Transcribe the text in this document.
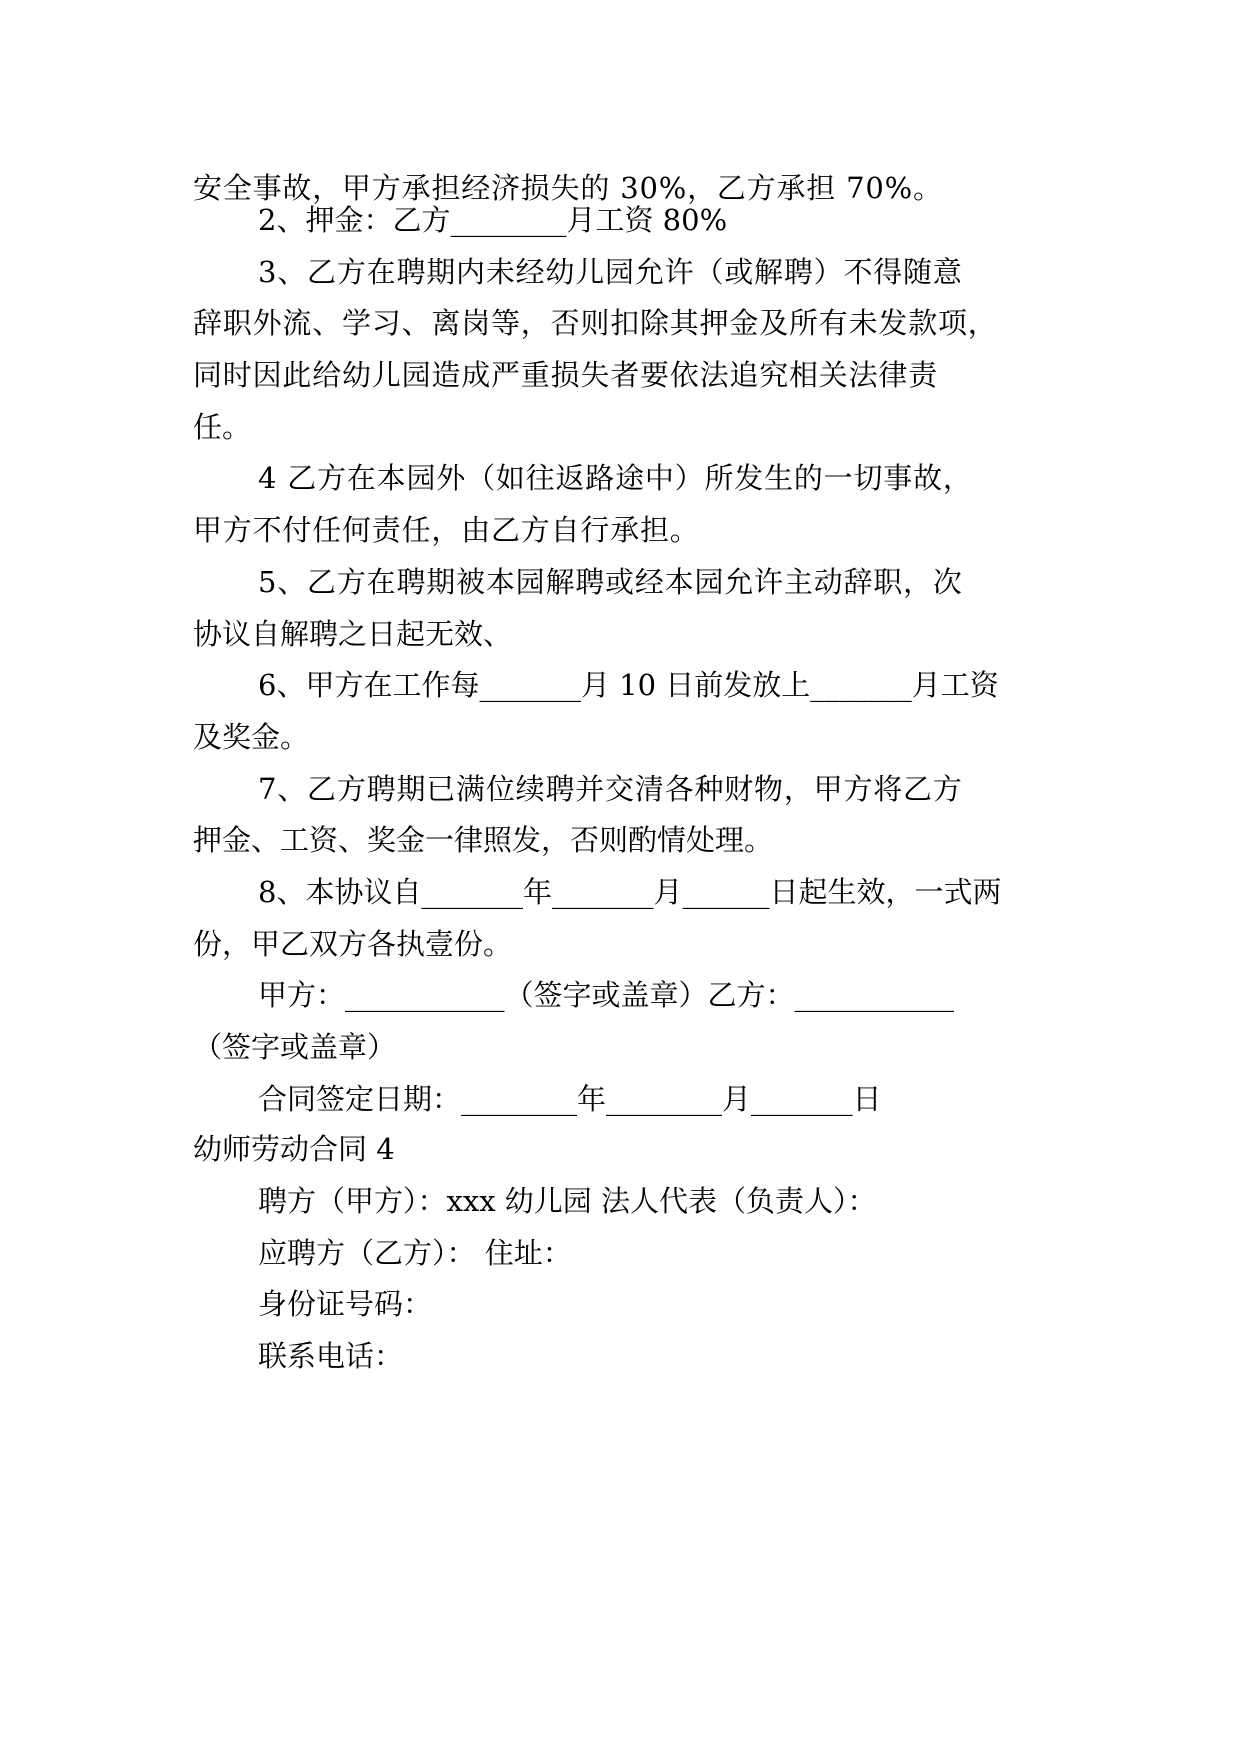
安全事故，甲方承担经济损失的 30%，乙方承担 70%。
2、押金：乙方________月工资 80%
3、乙方在聘期内未经幼儿园允许（或解聘）不得随意
辞职外流、学习、离岗等，否则扣除其押金及所有未发款项，
同时因此给幼儿园造成严重损失者要依法追究相关法律责
任。
4 乙方在本园外（如往返路途中）所发生的一切事故，
甲方不付任何责任，由乙方自行承担。
5、乙方在聘期被本园解聘或经本园允许主动辞职，次
协议自解聘之日起无效、
6、甲方在工作每_______月 10 日前发放上_______月工资
及奖金。
7、乙方聘期已满位续聘并交清各种财物，甲方将乙方
押金、工资、奖金一律照发，否则酌情处理。
8、本协议自_______年_______月______日起生效，一式两
份，甲乙双方各执壹份。
甲方：___________（签字或盖章）乙方：___________
（签字或盖章）
合同签定日期：________年________月_______日
幼师劳动合同 4
聘方（甲方）：xxx 幼儿园 法人代表（负责人）：
应聘方（乙方）： 住址：
身份证号码：
联系电话：
